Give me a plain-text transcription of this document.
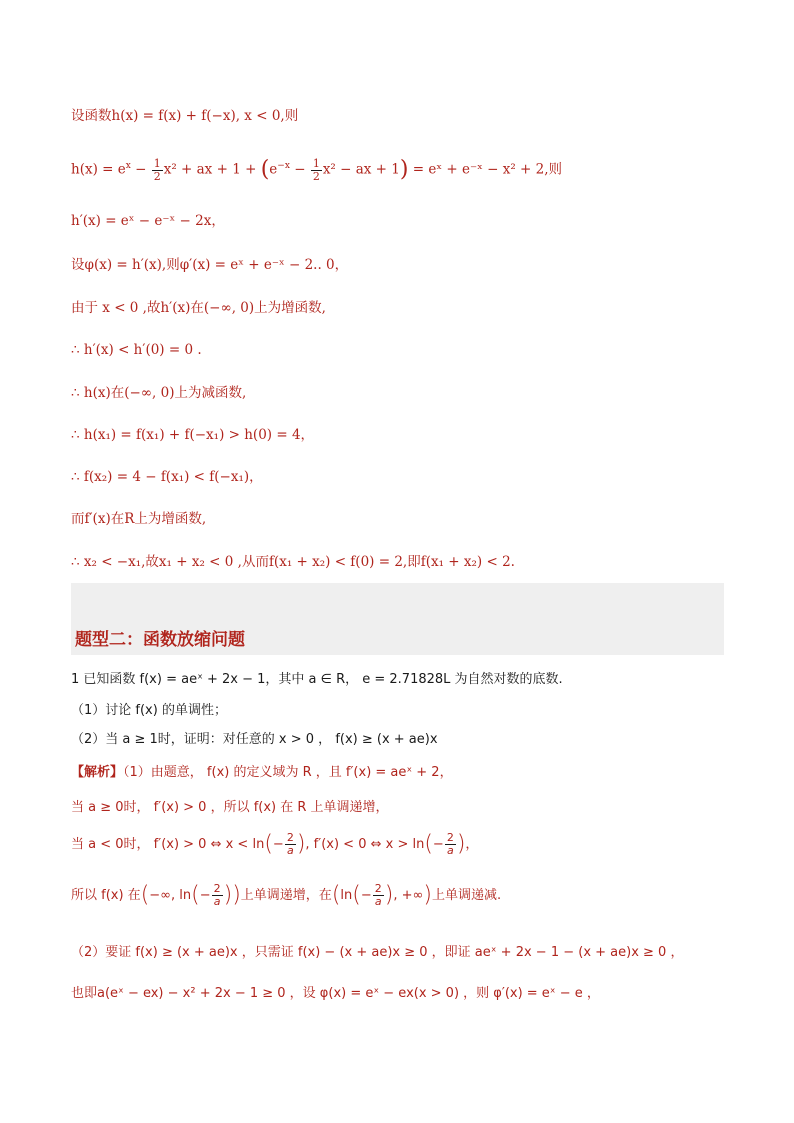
设函数h(x) = f(x) + f(−x), x < 0,则
$h(x) = e^x - \frac{1}{2} x^2$ + ax + $1 + (e^{-x} - \frac{1}{2} x^2$ − ax + 1) = eˣ + e⁻ˣ − x² + 2,则
h′(x) = eˣ − e⁻ˣ − 2x，
设φ(x) = h′(x),则φ′(x) = eˣ + e⁻ˣ − 2.. 0，
由于 x < 0 ,故h′(x)在(−∞, 0)上为增函数,
∴ h′(x) < h′(0) = 0 .
∴ h(x)在(−∞, 0)上为减函数,
∴ h(x₁) = f(x₁) + f(−x₁) > h(0) = 4，
∴ f(x₂) = 4 − f(x₁) < f(−x₁)，
而f′(x)在R上为增函数,
∴ x₂ < −x₁,故x₁ + x₂ < 0 ,从而f(x₁ + x₂) < f(0) = 2,即f(x₁ + x₂) < 2.
题型二：函数放缩问题
1 已知函数 f(x) = aeˣ + 2x − 1，其中 a ∈ R， e = 2.71828L 为自然对数的底数.
（1）讨论 f(x) 的单调性；
（2）当 a ≥ 1时，证明：对任意的 x > 0 ， f(x) ≥ (x + ae)x
【解析】（1）由题意， f(x) 的定义域为 R ，且 f′(x) = aeˣ + 2，
当 a ≥ 0时， f′(x) > 0 ，所以 f(x) 在 R 上单调递增，
当 a < 0时， f′(x) > 0 ⇔ $x < \ln(- \frac{2}{a}$ ), f′(x) < 0 ⇔ $x > \ln(- \frac{2}{a}$ )，
所以 f(x) 在(−∞, $\ln(- \frac{2}{a}$ ))上单调递增，在($\ln(- \frac{2}{a}$ ), +∞)上单调递减.
（2）要证 f(x) ≥ (x + ae)x ，只需证 f(x) − (x + ae)x ≥ 0 ，即证 aeˣ + 2x − 1 − (x + ae)x ≥ 0 ，
也即a(eˣ − ex) − x² + 2x − 1 ≥ 0 ，设 φ(x) = eˣ − ex(x > 0) ，则 φ′(x) = eˣ − e ，
